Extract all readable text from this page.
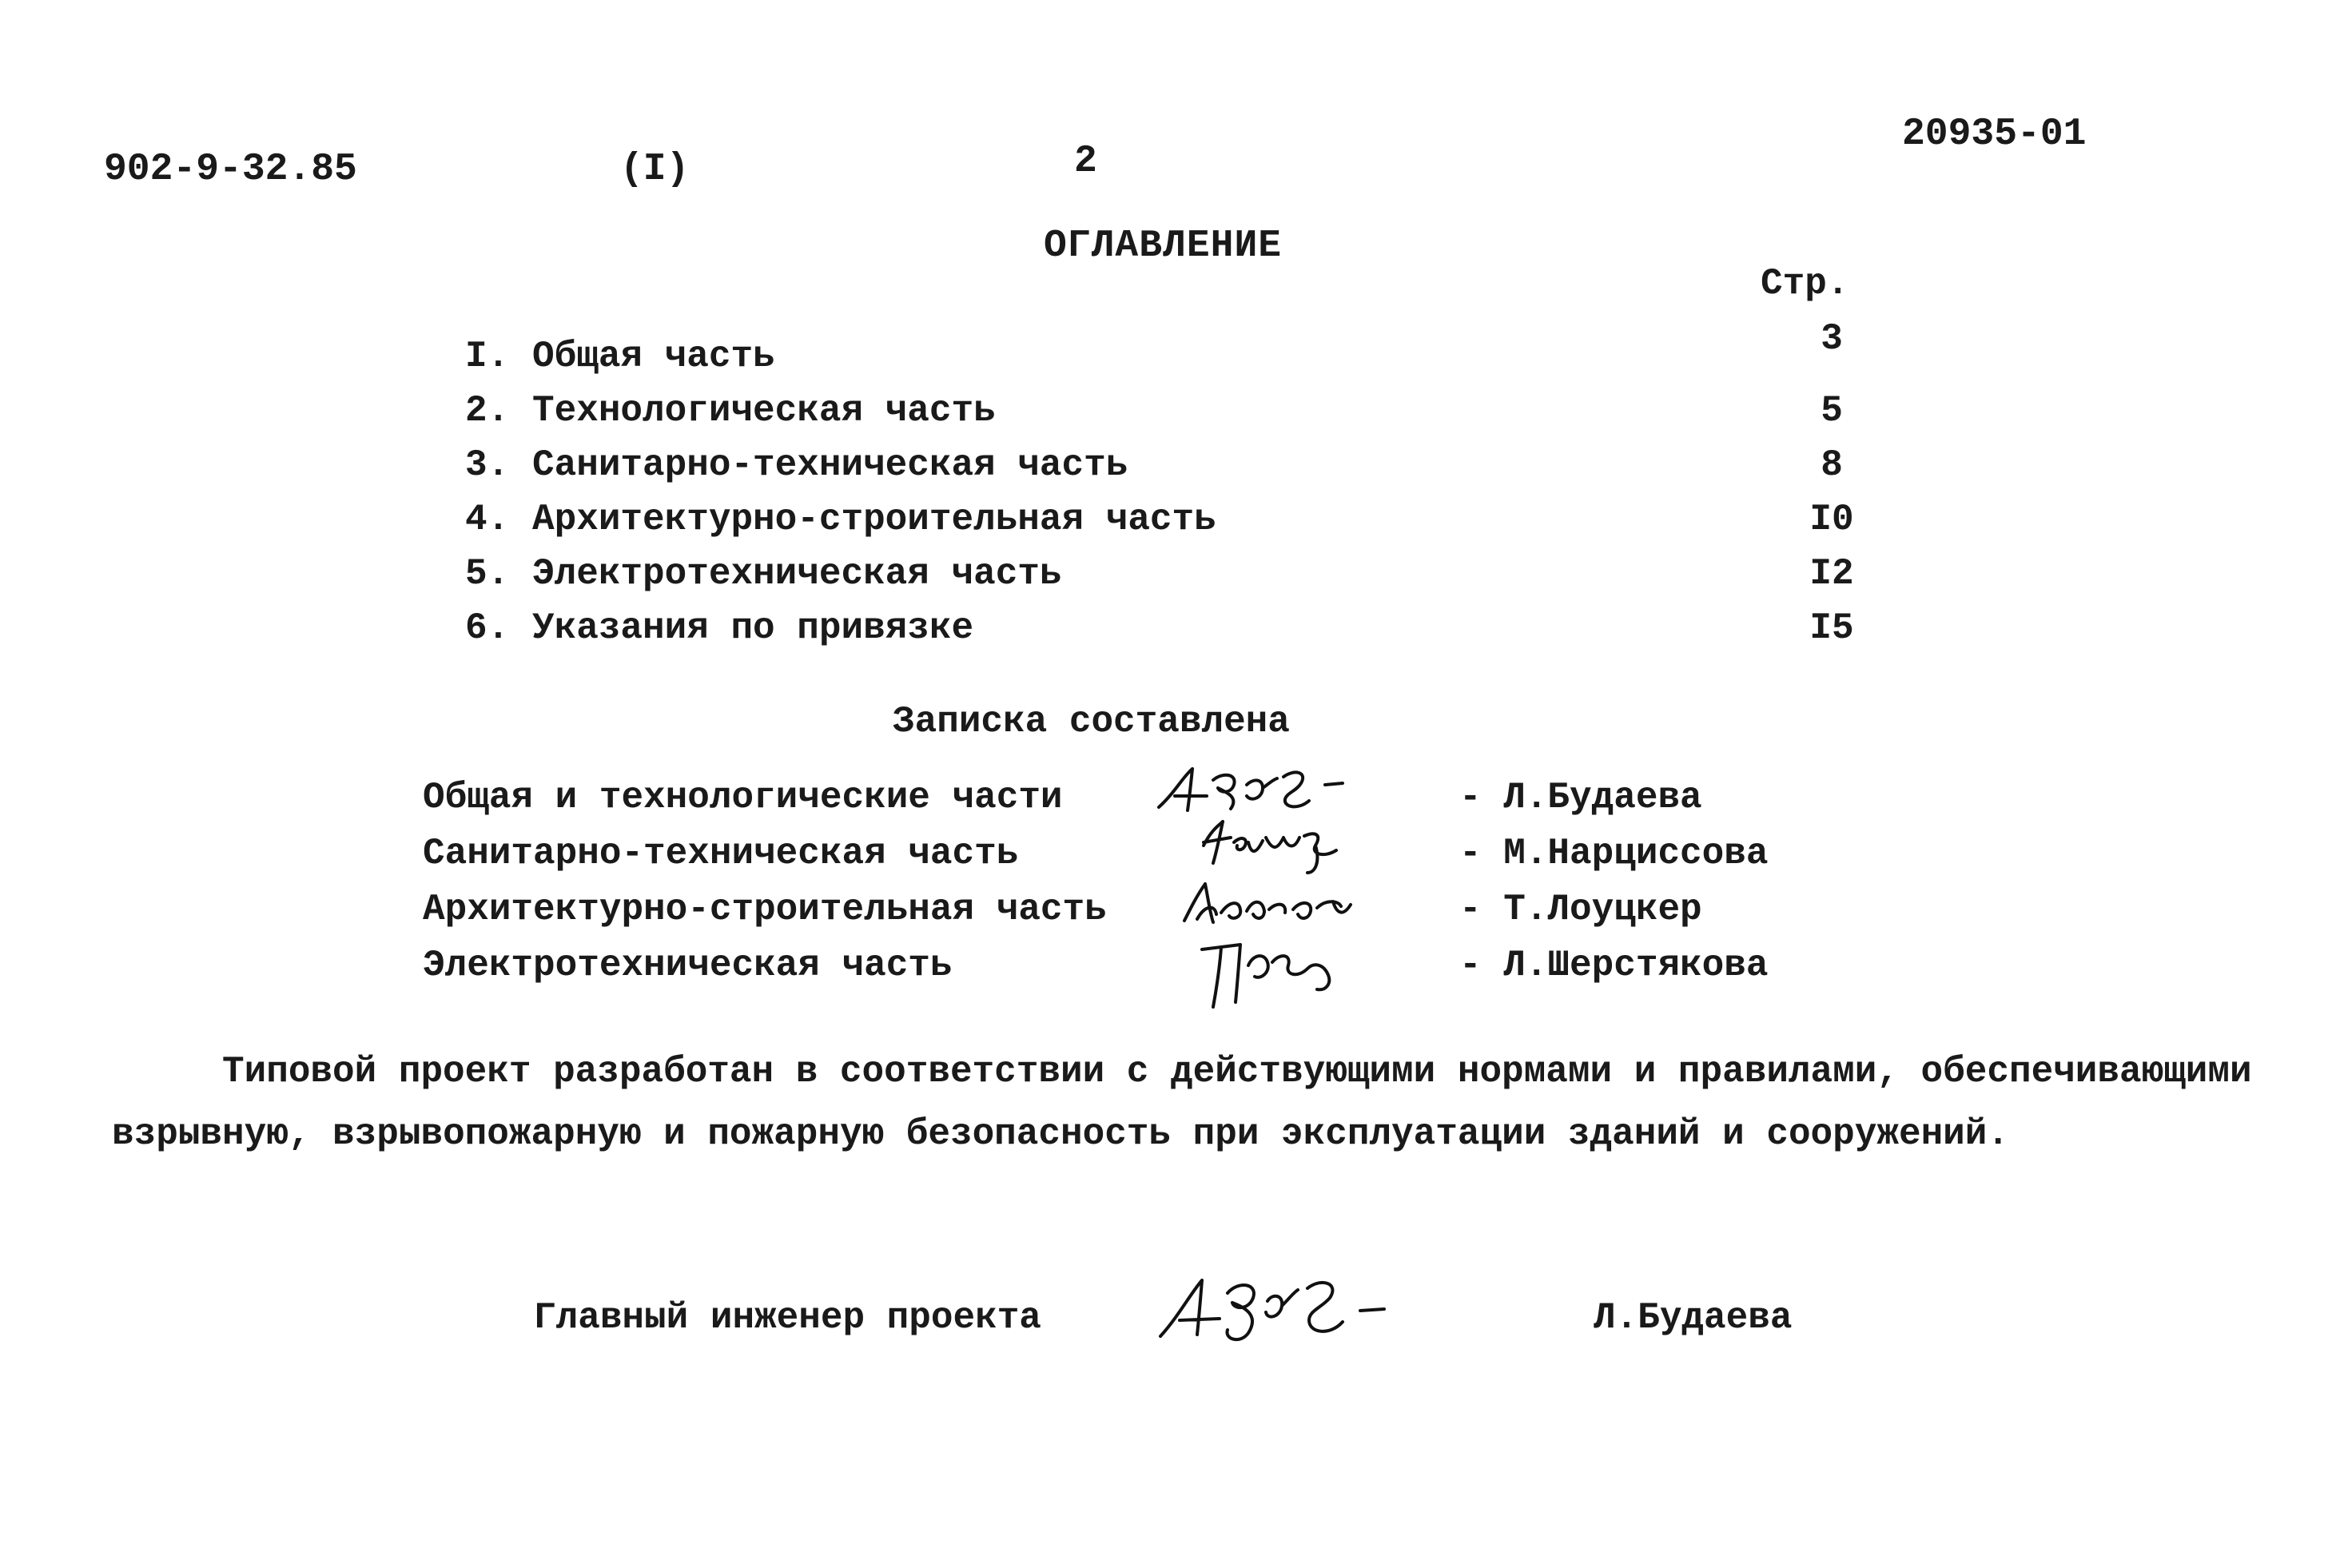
902-9-32.85	(I)	2
20935-01
ОГЛАВЛЕНИЕ
Стр.
I. Общая часть	3
2. Технологическая часть	5
3. Санитарно-техническая часть	8
4. Архитектурно-строительная часть	I0
5. Электротехническая часть	I2
6. Указания по привязке	I5
Записка составлена
Общая и технологические части	- Л.Будаева
Санитарно-техническая часть	- М.Нарциссова
Архитектурно-строительная часть	- Т.Лоуцкер
Электротехническая часть	- Л.Шерстякова
Типовой проект разработан в соответствии с действующими нормами и правилами, обеспечивающими
взрывную, взрывопожарную и пожарную безопасность при эксплуатации зданий и сооружений.
Главный инженер проекта	Л.Будаева
